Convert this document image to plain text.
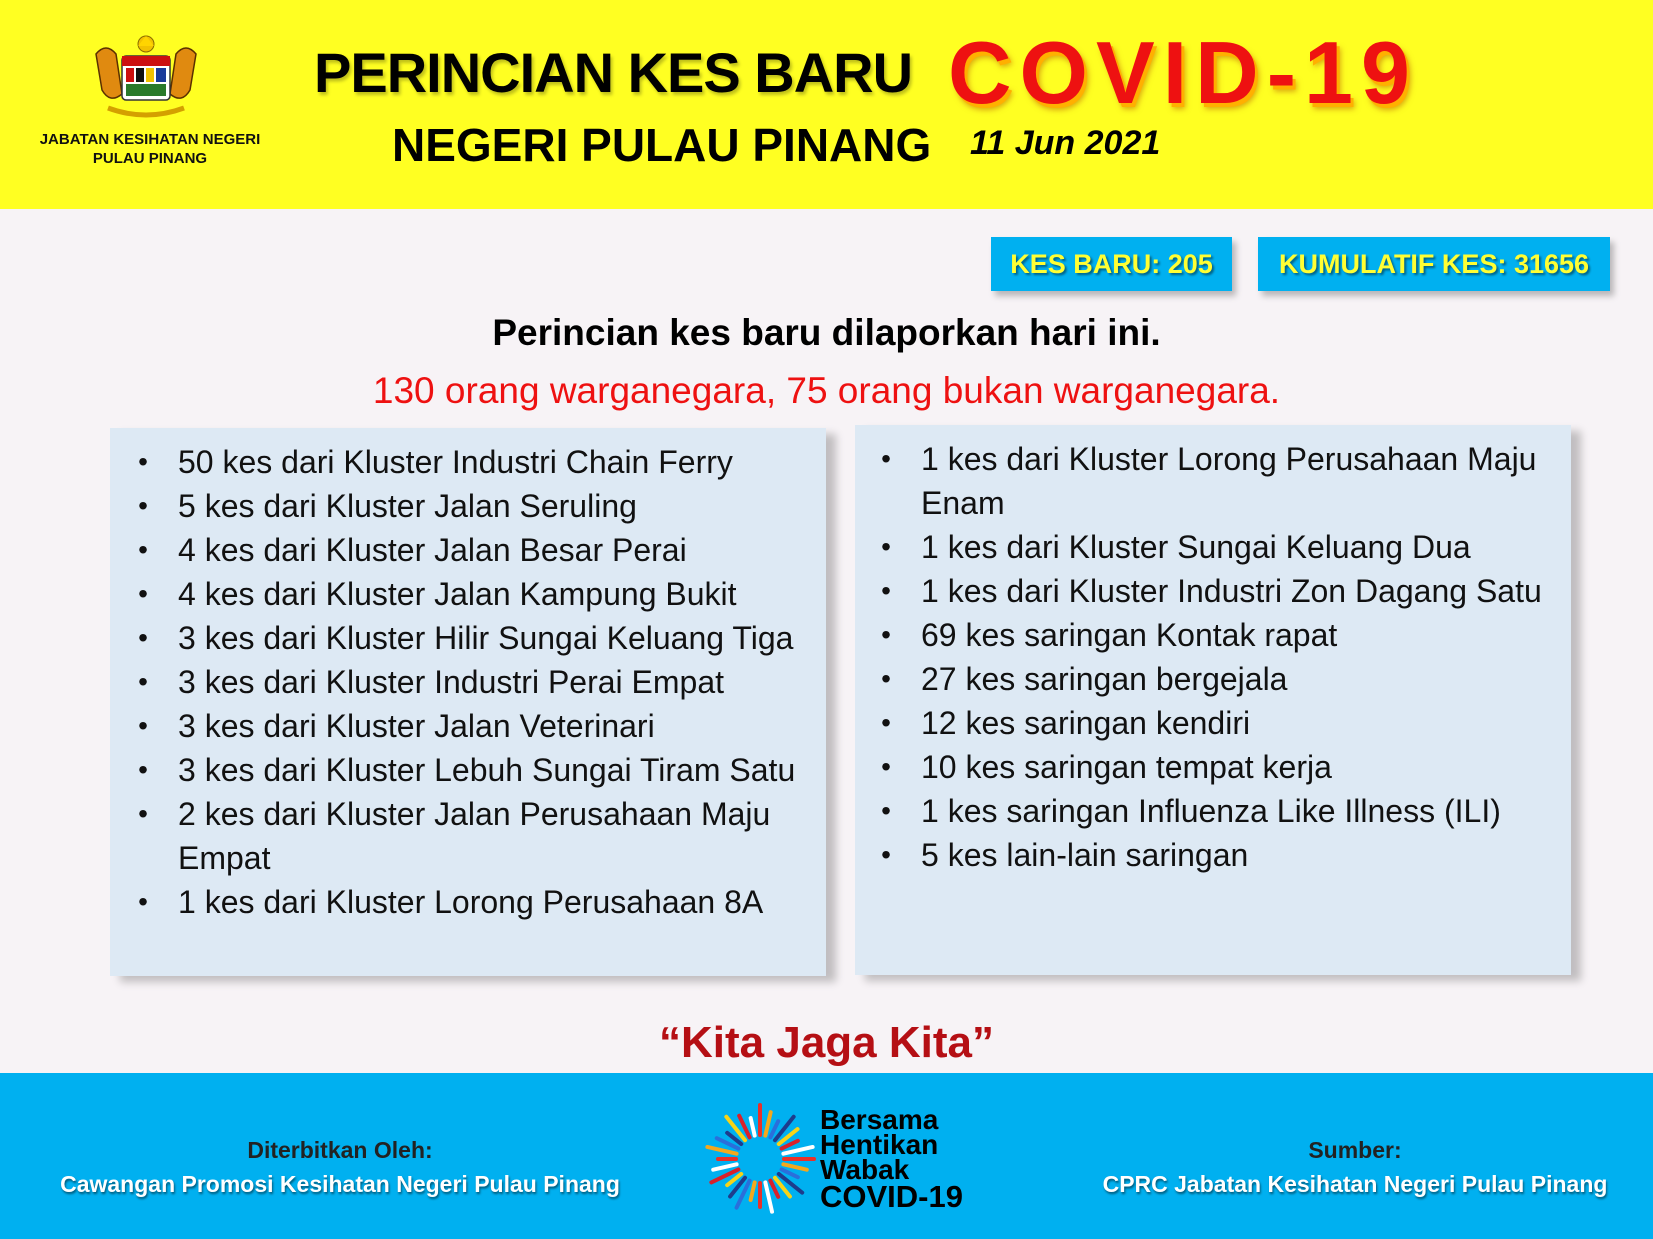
JABATAN KESIHATAN NEGERI
PULAU PINANG
PERINCIAN KES BARU COVID-19
NEGERI PULAU PINANG 11 Jun 2021
KES BARU: 205	KUMULATIF KES: 31656
Perincian kes baru dilaporkan hari ini.
130 orang warganegara, 75 orang bukan warganegara.
• 50 kes dari Kluster Industri Chain Ferry
• 5 kes dari Kluster Jalan Seruling
• 4 kes dari Kluster Jalan Besar Perai
• 4 kes dari Kluster Jalan Kampung Bukit
• 3 kes dari Kluster Hilir Sungai Keluang Tiga
• 3 kes dari Kluster Industri Perai Empat
• 3 kes dari Kluster Jalan Veterinari
• 3 kes dari Kluster Lebuh Sungai Tiram Satu
• 2 kes dari Kluster Jalan Perusahaan Maju Empat
• 1 kes dari Kluster Lorong Perusahaan 8A
• 1 kes dari Kluster Lorong Perusahaan Maju Enam
• 1 kes dari Kluster Sungai Keluang Dua
• 1 kes dari Kluster Industri Zon Dagang Satu
• 69 kes saringan Kontak rapat
• 27 kes saringan bergejala
• 12 kes saringan kendiri
• 10 kes saringan tempat kerja
• 1 kes saringan Influenza Like Illness (ILI)
• 5 kes lain-lain saringan
“Kita Jaga Kita”
Diterbitkan Oleh:
Cawangan Promosi Kesihatan Negeri Pulau Pinang
Bersama
Hentikan
Wabak
COVID-19
Sumber:
CPRC Jabatan Kesihatan Negeri Pulau Pinang
